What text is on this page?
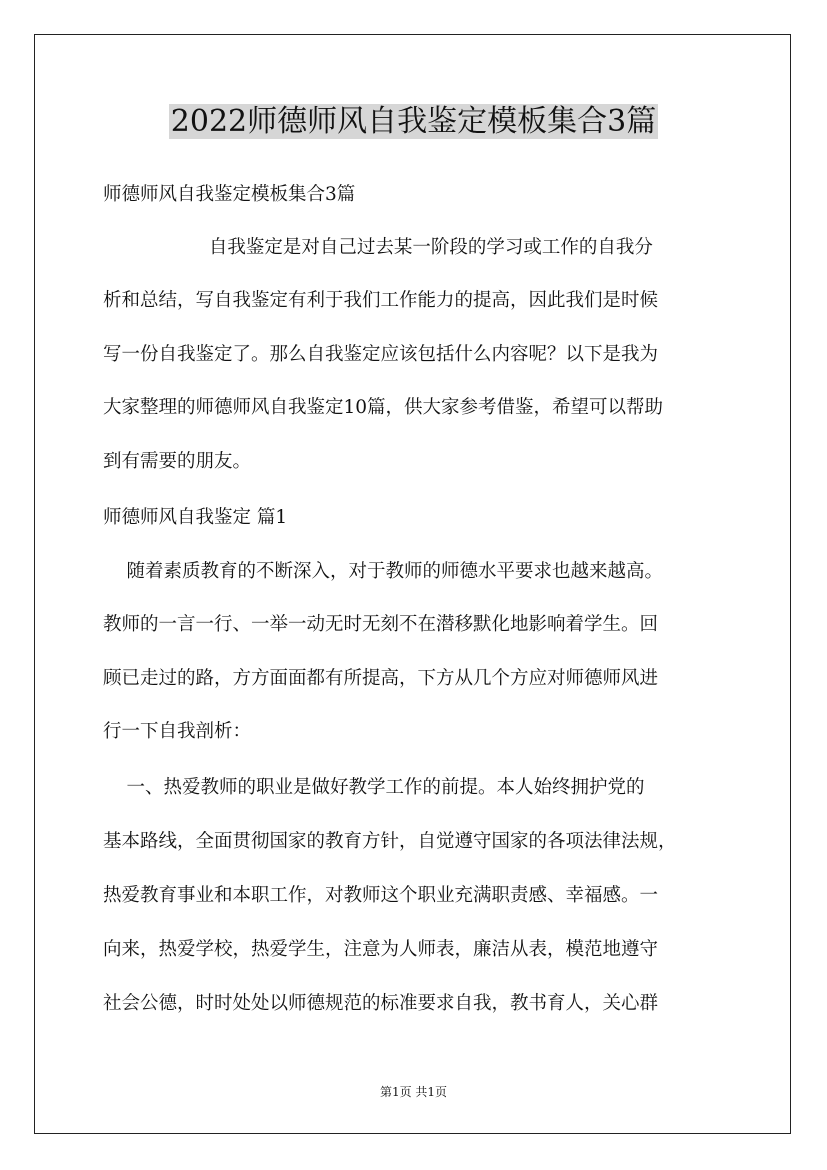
2022师德师风自我鉴定模板集合3篇

师德师风自我鉴定模板集合3篇

自我鉴定是对自己过去某一阶段的学习或工作的自我分

析和总结，写自我鉴定有利于我们工作能力的提高，因此我们是时候

写一份自我鉴定了。那么自我鉴定应该包括什么内容呢？以下是我为

大家整理的师德师风自我鉴定10篇，供大家参考借鉴，希望可以帮助

到有需要的朋友。

师德师风自我鉴定 篇1

随着素质教育的不断深入，对于教师的师德水平要求也越来越高。

教师的一言一行、一举一动无时无刻不在潜移默化地影响着学生。回

顾已走过的路，方方面面都有所提高，下方从几个方应对师德师风进

行一下自我剖析：

一、热爱教师的职业是做好教学工作的前提。本人始终拥护党的

基本路线，全面贯彻国家的教育方针，自觉遵守国家的各项法律法规，

热爱教育事业和本职工作，对教师这个职业充满职责感、幸福感。一

向来，热爱学校，热爱学生，注意为人师表，廉洁从表，模范地遵守

社会公德，时时处处以师德规范的标准要求自我，教书育人，关心群

第1页 共1页
